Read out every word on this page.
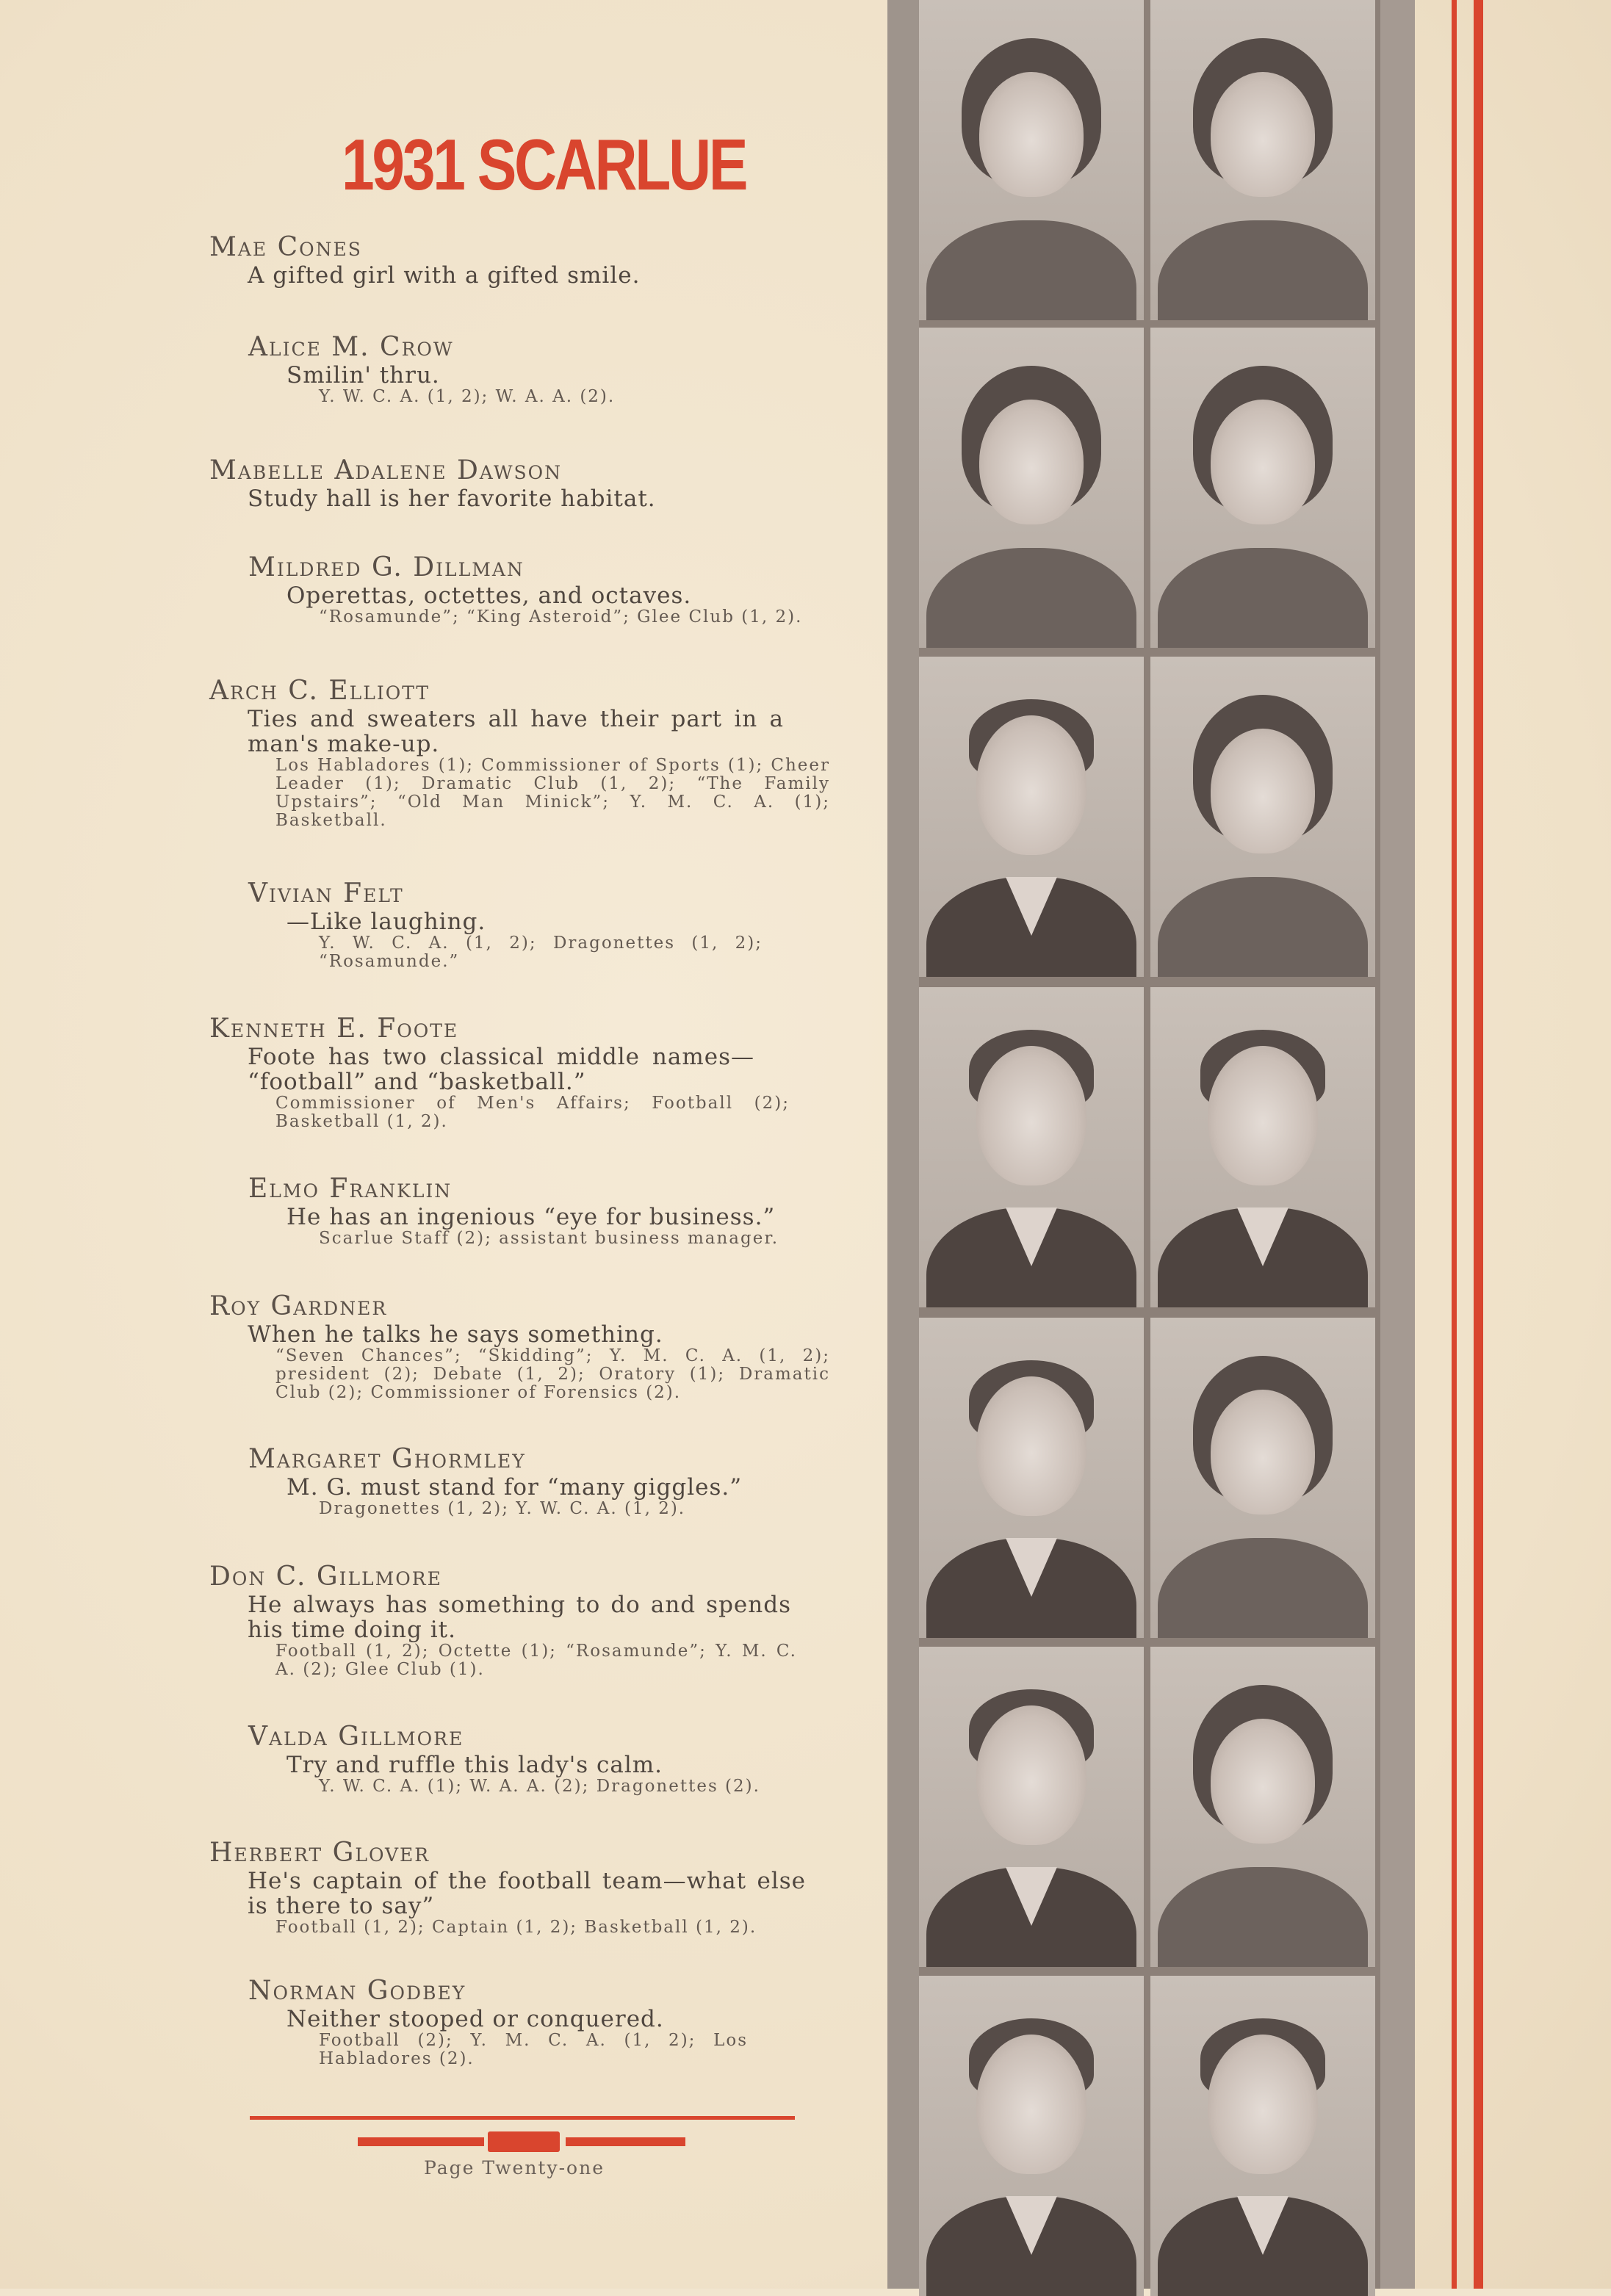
1931 SCARLUE
Mae Cones
A gifted girl with a gifted smile.
Alice M. Crow
Smilin' thru.
Y. W. C. A. (1, 2); W. A. A. (2).
Mabelle Adalene Dawson
Study hall is her favorite habitat.
Mildred G. Dillman
Operettas, octettes, and octaves.
“Rosamunde”; “King Asteroid”; Glee Club (1, 2).
Arch C. Elliott
Ties and sweaters all have their part in a man's make-up.
Los Habladores (1); Commissioner of Sports (1); Cheer Leader (1); Dramatic Club (1, 2); “The Family Upstairs”; “Old Man Minick”; Y. M. C. A. (1); Basketball.
Vivian Felt
—Like laughing.
Y. W. C. A. (1, 2); Dragonettes (1, 2); “Rosamunde.”
Kenneth E. Foote
Foote has two classical middle names— “football” and “basketball.”
Commissioner of Men's Affairs; Football (2); Basketball (1, 2).
Elmo Franklin
He has an ingenious “eye for business.”
Scarlue Staff (2); assistant business manager.
Roy Gardner
When he talks he says something.
“Seven Chances”; “Skidding”; Y. M. C. A. (1, 2); president (2); Debate (1, 2); Oratory (1); Dramatic Club (2); Commissioner of Forensics (2).
Margaret Ghormley
M. G. must stand for “many giggles.”
Dragonettes (1, 2); Y. W. C. A. (1, 2).
Don C. Gillmore
He always has something to do and spends his time doing it.
Football (1, 2); Octette (1); “Rosamunde”; Y. M. C. A. (2); Glee Club (1).
Valda Gillmore
Try and ruffle this lady's calm.
Y. W. C. A. (1); W. A. A. (2); Dragonettes (2).
Herbert Glover
He's captain of the football team—what else is there to say”
Football (1, 2); Captain (1, 2); Basketball (1, 2).
Norman Godbey
Neither stooped or conquered.
Football (2); Y. M. C. A. (1, 2); Los Habladores (2).
Page Twenty-one
